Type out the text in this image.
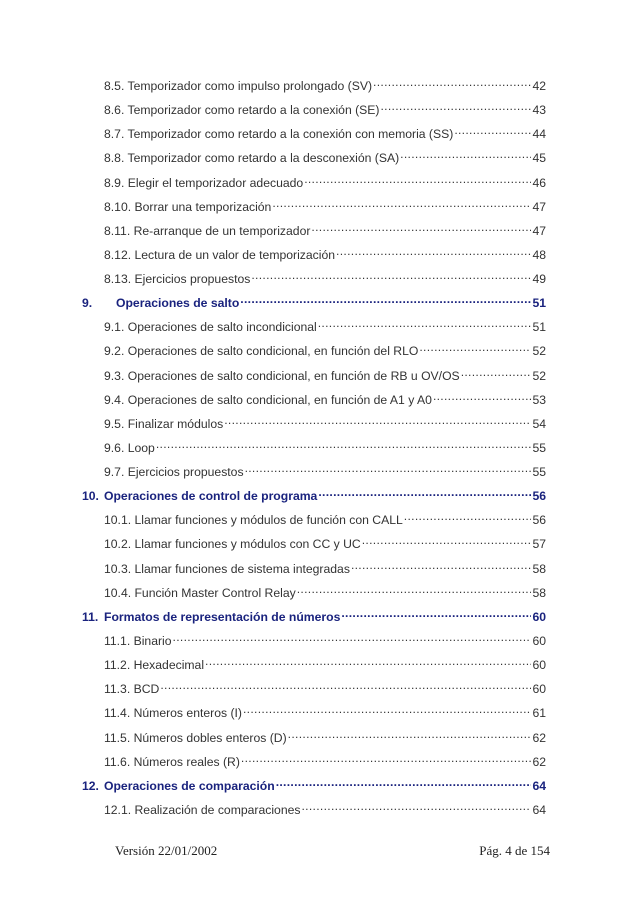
8.5. Temporizador como impulso prolongado (SV) .....	42
8.6. Temporizador como retardo a la conexión (SE) .....	43
8.7. Temporizador como retardo a la conexión con memoria (SS) .....	44
8.8. Temporizador como retardo a la desconexión (SA) .....	45
8.9. Elegir el temporizador adecuado .....	46
8.10. Borrar una temporización .....	47
8.11. Re-arranque de un temporizador .....	47
8.12. Lectura de un valor de temporización .....	48
8.13. Ejercicios propuestos .....	49
9. Operaciones de salto .....	51
9.1. Operaciones de salto incondicional .....	51
9.2. Operaciones de salto condicional, en función del RLO .....	52
9.3. Operaciones de salto condicional, en función de RB u OV/OS .....	52
9.4. Operaciones de salto condicional, en función de A1 y A0 .....	53
9.5. Finalizar módulos .....	54
9.6. Loop .....	55
9.7. Ejercicios propuestos .....	55
10. Operaciones de control de programa .....	56
10.1. Llamar funciones y módulos de función con CALL .....	56
10.2. Llamar funciones y módulos con CC y UC .....	57
10.3. Llamar funciones de sistema integradas .....	58
10.4. Función Master Control Relay .....	58
11. Formatos de representación de números .....	60
11.1. Binario .....	60
11.2. Hexadecimal .....	60
11.3. BCD .....	60
11.4. Números enteros (I) .....	61
11.5. Números dobles enteros (D) .....	62
11.6. Números reales (R) .....	62
12. Operaciones de comparación .....	64
12.1. Realización de comparaciones .....	64
Versión 22/01/2002	Pág. 4 de 154
